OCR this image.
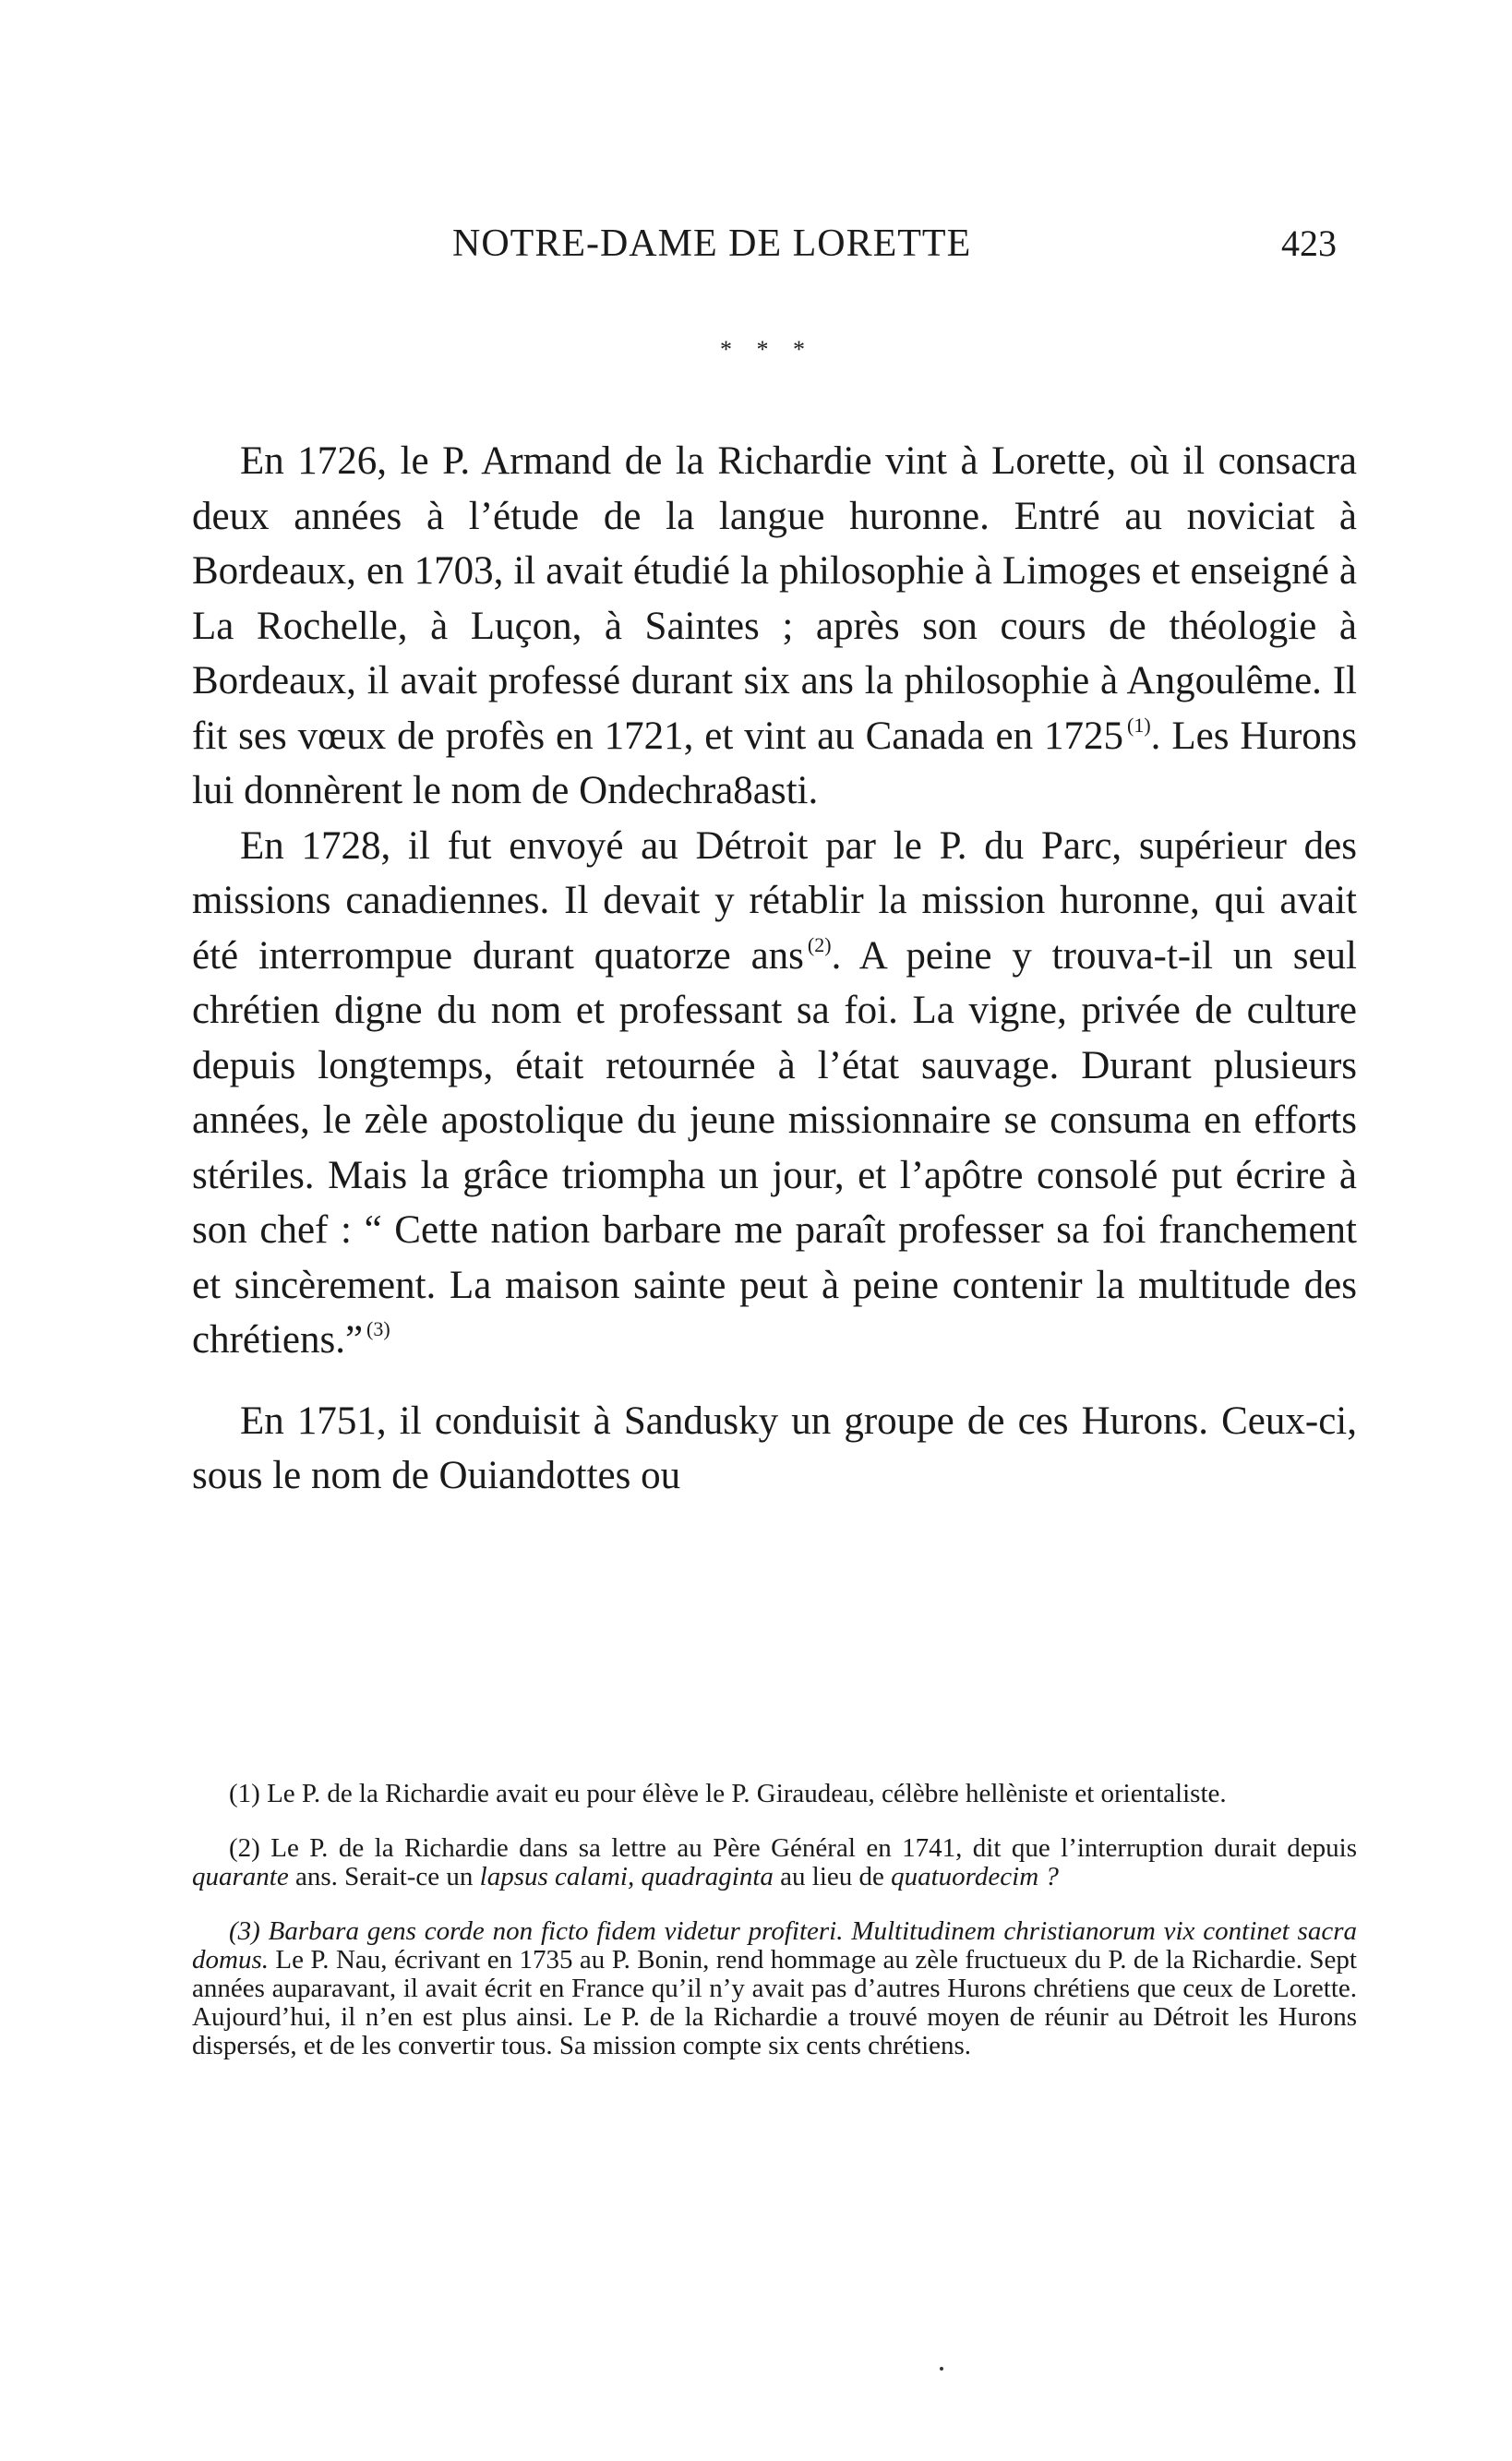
NOTRE-DAME DE LORETTE	423
* * *

En 1726, le P. Armand de la Richardie vint à Lorette, où il consacra deux années à l’étude de la langue huronne. Entré au noviciat à Bordeaux, en 1703, il avait étudié la philosophie à Limoges et enseigné à La Rochelle, à Luçon, à Saintes ; après son cours de théologie à Bordeaux, il avait professé durant six ans la philosophie à Angoulême. Il fit ses vœux de profès en 1721, et vint au Canada en 1725 $^{(1)}$. Les Hurons lui donnèrent le nom de Ondechra8asti.

En 1728, il fut envoyé au Détroit par le P. du Parc, supérieur des missions canadiennes. Il devait y rétablir la mission huronne, qui avait été interrompue durant quatorze ans $^{(2)}$. A peine y trouva-t-il un seul chrétien digne du nom et professant sa foi. La vigne, privée de culture depuis longtemps, était retournée à l’état sauvage. Durant plusieurs années, le zèle apostolique du jeune missionnaire se consuma en efforts stériles. Mais la grâce triompha un jour, et l’apôtre consolé put écrire à son chef : “ Cette nation barbare me paraît professer sa foi franchement et sincèrement. La maison sainte peut à peine contenir la multitude des chrétiens.” $^{(3)}$

En 1751, il conduisit à Sandusky un groupe de ces Hurons. Ceux-ci, sous le nom de Ouiandottes ou

(1) Le P. de la Richardie avait eu pour élève le P. Giraudeau, célèbre hellèniste et orientaliste.

(2) Le P. de la Richardie dans sa lettre au Père Général en 1741, dit que l’interruption durait depuis quarante ans. Serait-ce un lapsus calami, quadraginta au lieu de quatuordecim ?

(3) Barbara gens corde non ficto fidem videtur profiteri. Multitudinem christianorum vix continet sacra domus. Le P. Nau, écrivant en 1735 au P. Bonin, rend hommage au zèle fructueux du P. de la Richardie. Sept années auparavant, il avait écrit en France qu’il n’y avait pas d’autres Hurons chrétiens que ceux de Lorette. Aujourd’hui, il n’en est plus ainsi. Le P. de la Richardie a trouvé moyen de réunir au Détroit les Hurons dispersés, et de les convertir tous. Sa mission compte six cents chrétiens.
